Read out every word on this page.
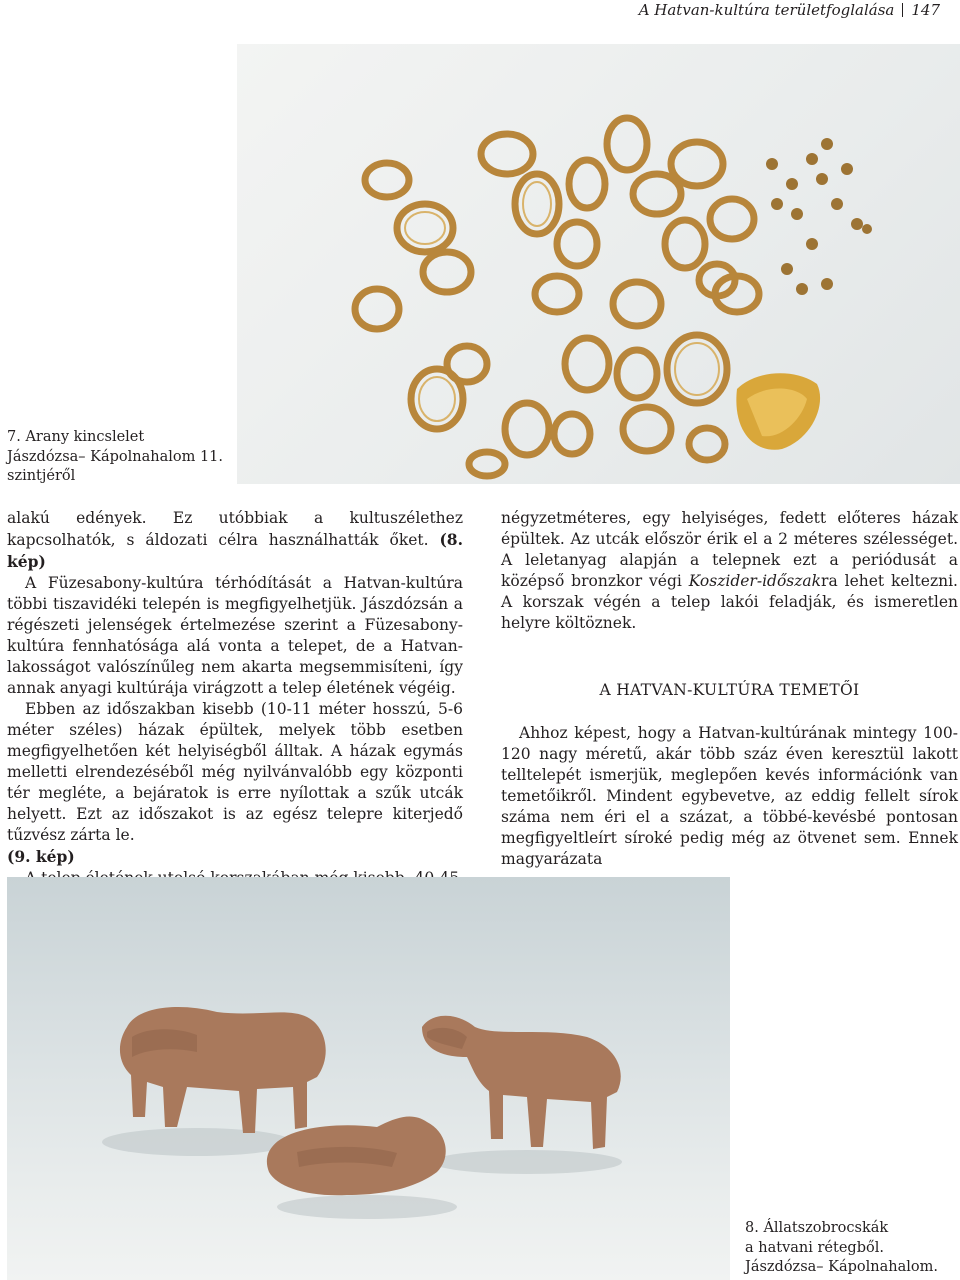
A Hatvan-kultúra területfoglalása 147
7. Arany kincslelet
Jászdózsa– Kápolnahalom 11.
szintjéről

alakú edények. Ez utóbbiak a kultuszélethez kapcsolhatók, s áldozati célra használhatták őket. (8. kép)

A Füzesabony-kultúra térhódítását a Hatvan-kultúra többi tiszavidéki telepén is megfigyelhetjük. Jászdózsán a régészeti jelenségek értelmezése szerint a Füzesabony-kultúra fennhatósága alá vonta a telepet, de a Hatvan-lakosságot valószínűleg nem akarta megsemmisíteni, így annak anyagi kultúrája virágzott a telep életének végéig.

Ebben az időszakban kisebb (10-11 méter hosszú, 5-6 méter széles) házak épültek, melyek több esetben megfigyelhetően két helyiségből álltak. A házak egymás melletti elrendezéséből még nyilvánvalóbb egy központi tér megléte, a bejáratok is erre nyílottak a szűk utcák helyett. Ezt az időszakot is az egész telepre kiterjedő tűzvész zárta le.
(9. kép)

négyzetméteres, egy helyiséges, fedett előteres házak épültek. Az utcák először érik el a 2 méteres szélességet. A leletanyag alapján a telepnek ezt a periódusát a középső bronzkor végi Koszider-időszakra lehet keltezni. A korszak végén a telep lakói feladják, és ismeretlen helyre költöznek.

A HATVAN-KULTÚRA TEMETŐI

Ahhoz képest, hogy a Hatvan-kultúrának mintegy 100-120 nagy méretű, akár több száz éven keresztül lakott telltelepét ismerjük, meglepően kevés információnk van temetőikről. Mindent egybevetve, az eddig fellelt sírok száma nem éri el a százat, a többé-kevésbé pontosan megfigyeltleírt síroké pedig még az ötvenet sem. Ennek magyarázata

8. Állatszobrocskák
a hatvani rétegből.
Jászdózsa– Kápolnahalom.
